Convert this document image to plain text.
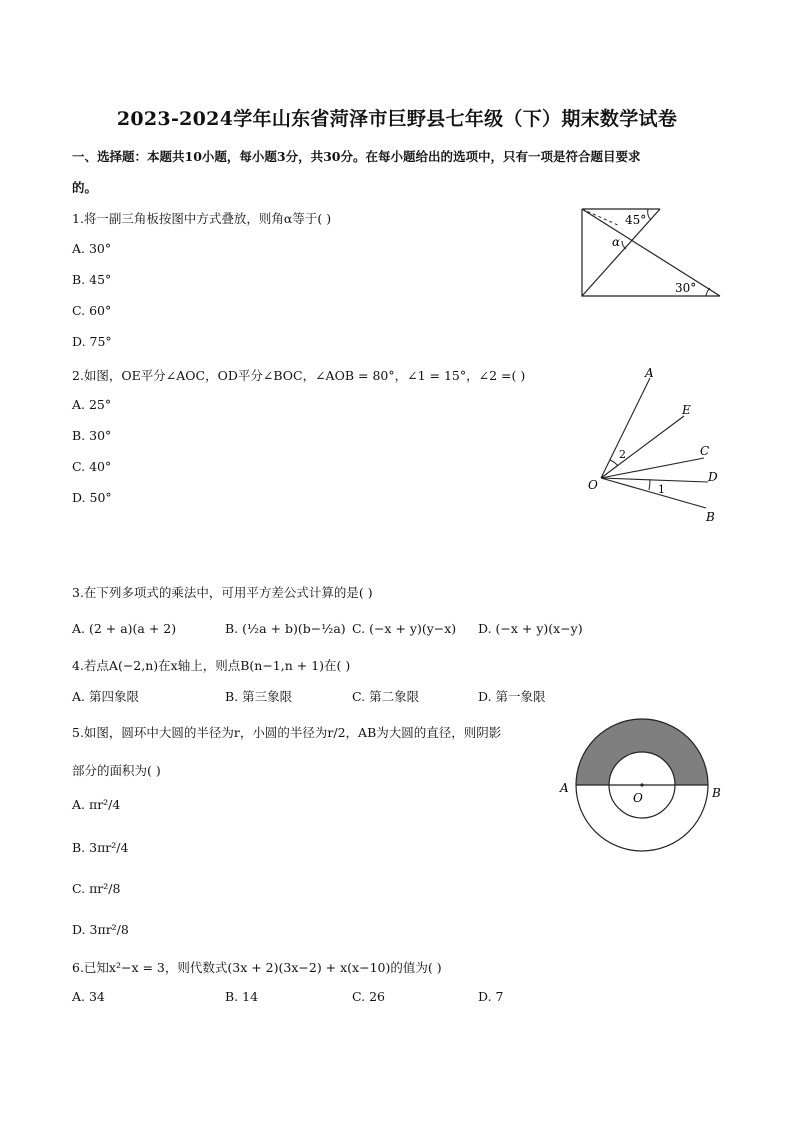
2023-2024学年山东省菏泽市巨野县七年级（下）期末数学试卷
一、选择题：本题共10小题，每小题3分，共30分。在每小题给出的选项中，只有一项是符合题目要求
的。
1.将一副三角板按图中方式叠放，则角α等于( )
A. 30°
B. 45°
C. 60°
D. 75°
45°
α
30°
2.如图，OE平分∠AOC，OD平分∠BOC，∠AOB = 80°，∠1 = 15°，∠2 =( )
A. 25°
B. 30°
C. 40°
D. 50°
A
E
C
D
B
O
2
1
3.在下列多项式的乘法中，可用平方差公式计算的是( )
A. (2 + a)(a + 2)	B. (½a + b)(b−½a) C. (−x + y)(y−x) D. (−x + y)(x−y)
4.若点A(−2,n)在x轴上，则点B(n−1,n + 1)在( )
A. 第四象限	B. 第三象限	C. 第二象限	D. 第一象限
5.如图，圆环中大圆的半径为r，小圆的半径为r/2，AB为大圆的直径，则阴影
部分的面积为( )
A. πr²/4
B. 3πr²/4
C. πr²/8
D. 3πr²/8
A	B
O
6.已知x²−x = 3，则代数式(3x + 2)(3x−2) + x(x−10)的值为( )
A. 34	B. 14	C. 26	D. 7
